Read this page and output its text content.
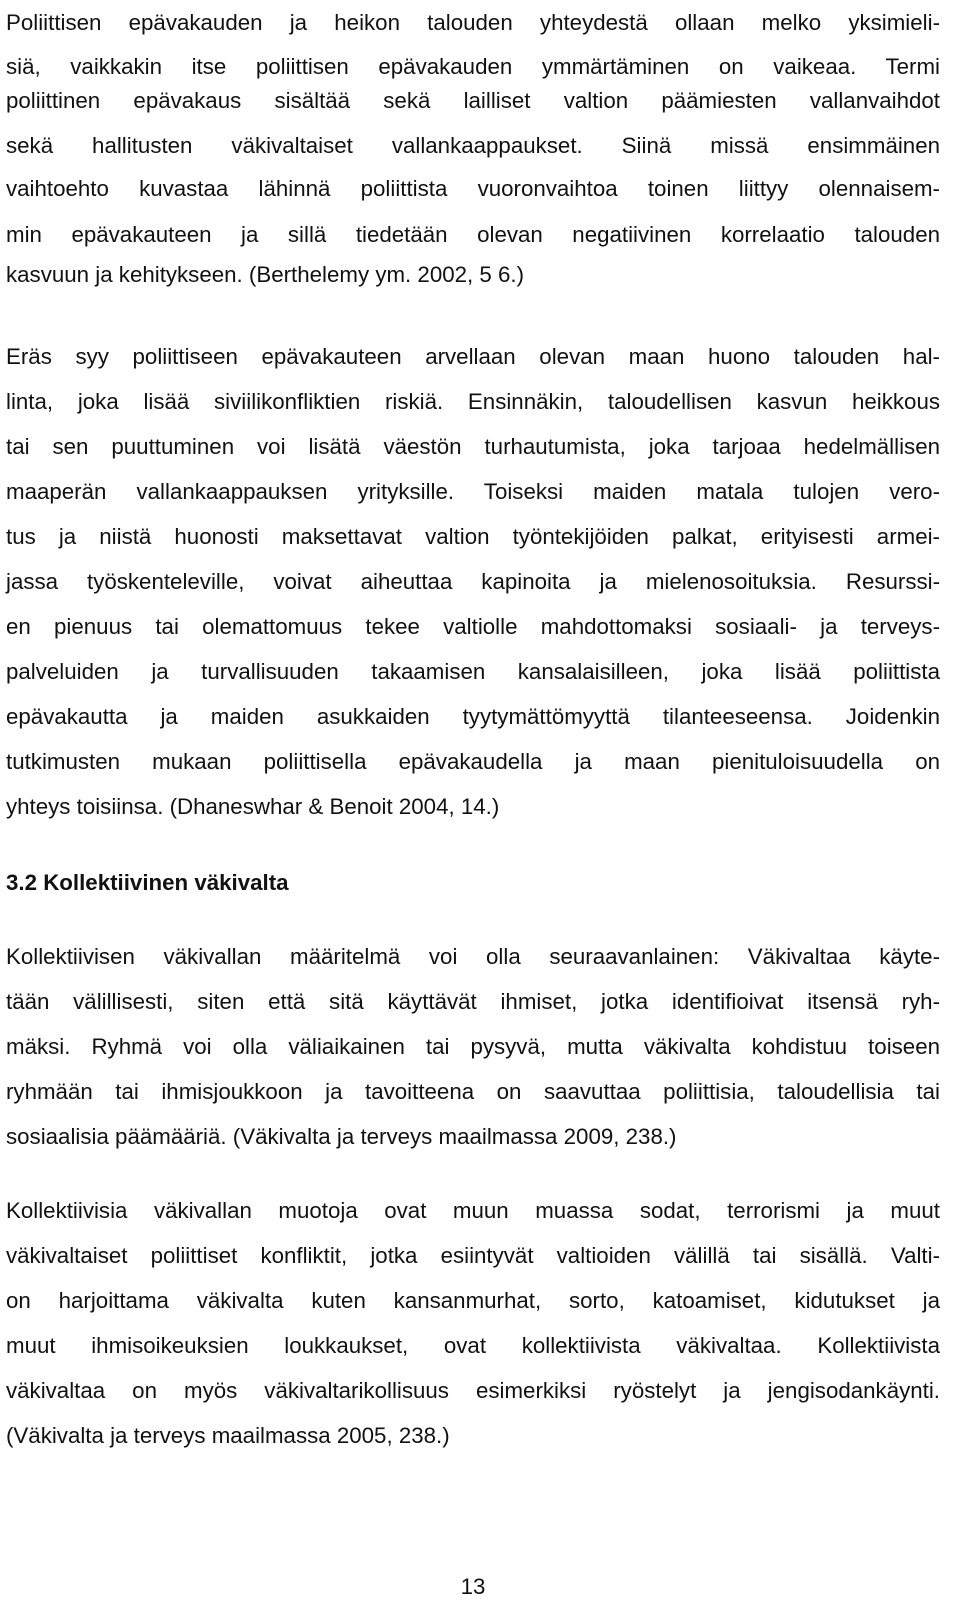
Poliittisen epävakauden ja heikon talouden yhteydestä ollaan melko yksimieli-
siä, vaikkakin itse poliittisen epävakauden ymmärtäminen on vaikeaa. Termi
poliittinen epävakaus sisältää sekä lailliset valtion päämiesten vallanvaihdot
sekä hallitusten väkivaltaiset vallankaappaukset. Siinä missä ensimmäinen
vaihtoehto kuvastaa lähinnä poliittista vuoronvaihtoa toinen liittyy olennaisem-
min epävakauteen ja sillä tiedetään olevan negatiivinen korrelaatio talouden
kasvuun ja kehitykseen. (Berthelemy ym. 2002, 5 6.)
Eräs syy poliittiseen epävakauteen arvellaan olevan maan huono talouden hal-
linta, joka lisää siviilikonfliktien riskiä. Ensinnäkin, taloudellisen kasvun heikkous
tai sen puuttuminen voi lisätä väestön turhautumista, joka tarjoaa hedelmällisen
maaperän vallankaappauksen yrityksille. Toiseksi maiden matala tulojen vero-
tus ja niistä huonosti maksettavat valtion työntekijöiden palkat, erityisesti armei-
jassa työskenteleville, voivat aiheuttaa kapinoita ja mielenosoituksia. Resurssi-
en pienuus tai olemattomuus tekee valtiolle mahdottomaksi sosiaali- ja terveys-
palveluiden ja turvallisuuden takaamisen kansalaisilleen, joka lisää poliittista
epävakautta ja maiden asukkaiden tyytymättömyyttä tilanteeseensa. Joidenkin
tutkimusten mukaan poliittisella epävakaudella ja maan pienituloisuudella on
yhteys toisiinsa. (Dhaneswhar & Benoit 2004, 14.)
3.2 Kollektiivinen väkivalta
Kollektiivisen väkivallan määritelmä voi olla seuraavanlainen: Väkivaltaa käyte-
tään välillisesti, siten että sitä käyttävät ihmiset, jotka identifioivat itsensä ryh-
mäksi. Ryhmä voi olla väliaikainen tai pysyvä, mutta väkivalta kohdistuu toiseen
ryhmään tai ihmisjoukkoon ja tavoitteena on saavuttaa poliittisia, taloudellisia tai
sosiaalisia päämääriä. (Väkivalta ja terveys maailmassa 2009, 238.)
Kollektiivisia väkivallan muotoja ovat muun muassa sodat, terrorismi ja muut
väkivaltaiset poliittiset konfliktit, jotka esiintyvät valtioiden välillä tai sisällä. Valti-
on harjoittama väkivalta kuten kansanmurhat, sorto, katoamiset, kidutukset ja
muut ihmisoikeuksien loukkaukset, ovat kollektiivista väkivaltaa. Kollektiivista
väkivaltaa on myös väkivaltarikollisuus esimerkiksi ryöstelyt ja jengisodankäynti.
(Väkivalta ja terveys maailmassa 2005, 238.)
13
